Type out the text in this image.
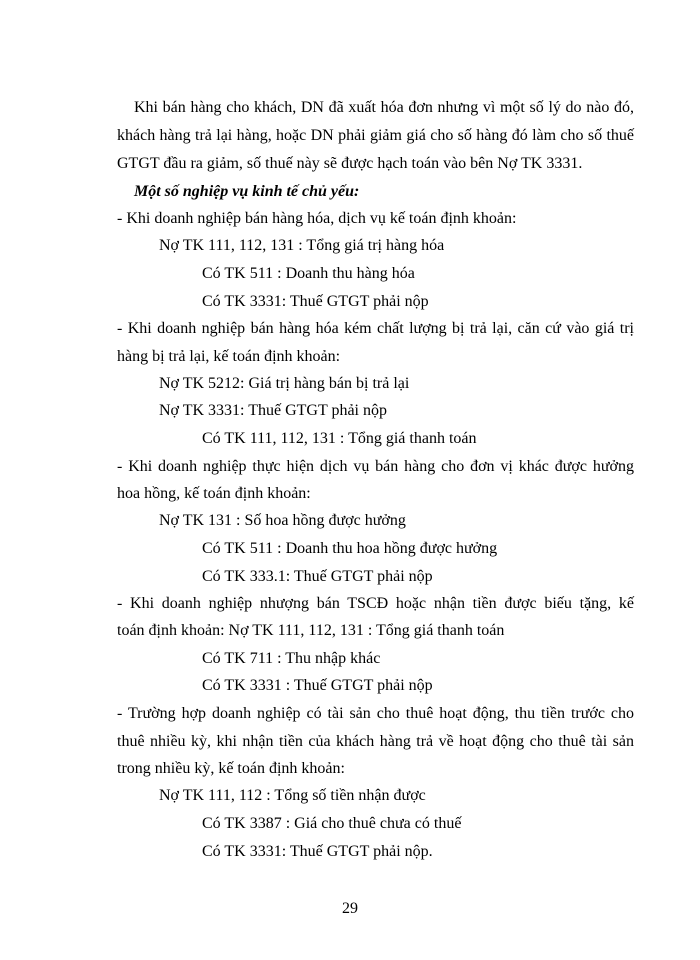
Khi bán hàng cho khách, DN đã xuất hóa đơn nhưng vì một số lý do nào đó,
khách hàng trả lại hàng, hoặc DN phải giảm giá cho số hàng đó làm cho số thuế
GTGT đầu ra giảm, số thuế này sẽ được hạch toán vào bên Nợ TK 3331.
Một số nghiệp vụ kinh tế chủ yếu:
- Khi doanh nghiệp bán hàng hóa, dịch vụ kế toán định khoản:
Nợ TK 111, 112, 131 : Tổng giá trị hàng hóa
Có TK 511 : Doanh thu hàng hóa
Có TK 3331: Thuế GTGT phải nộp
- Khi doanh nghiệp bán hàng hóa kém chất lượng bị trả lại, căn cứ vào giá trị
hàng bị trả lại, kế toán định khoản:
Nợ TK 5212: Giá trị hàng bán bị trả lại
Nợ TK 3331: Thuế GTGT phải nộp
Có TK 111, 112, 131 : Tổng giá thanh toán
- Khi doanh nghiệp thực hiện dịch vụ bán hàng cho đơn vị khác được hưởng
hoa hồng, kế toán định khoản:
Nợ TK 131 : Số hoa hồng được hưởng
Có TK 511 : Doanh thu hoa hồng được hưởng
Có TK 333.1: Thuế GTGT phải nộp
- Khi doanh nghiệp nhượng bán TSCĐ hoặc nhận tiền được biếu tặng, kế
toán định khoản: Nợ TK 111, 112, 131 : Tổng giá thanh toán
Có TK 711 : Thu nhập khác
Có TK 3331 : Thuế GTGT phải nộp
- Trường hợp doanh nghiệp có tài sản cho thuê hoạt động, thu tiền trước cho
thuê nhiều kỳ, khi nhận tiền của khách hàng trả về hoạt động cho thuê tài sản
trong nhiều kỳ, kế toán định khoản:
Nợ TK 111, 112 : Tổng số tiền nhận được
Có TK 3387 : Giá cho thuê chưa có thuế
Có TK 3331: Thuế GTGT phải nộp.
29
